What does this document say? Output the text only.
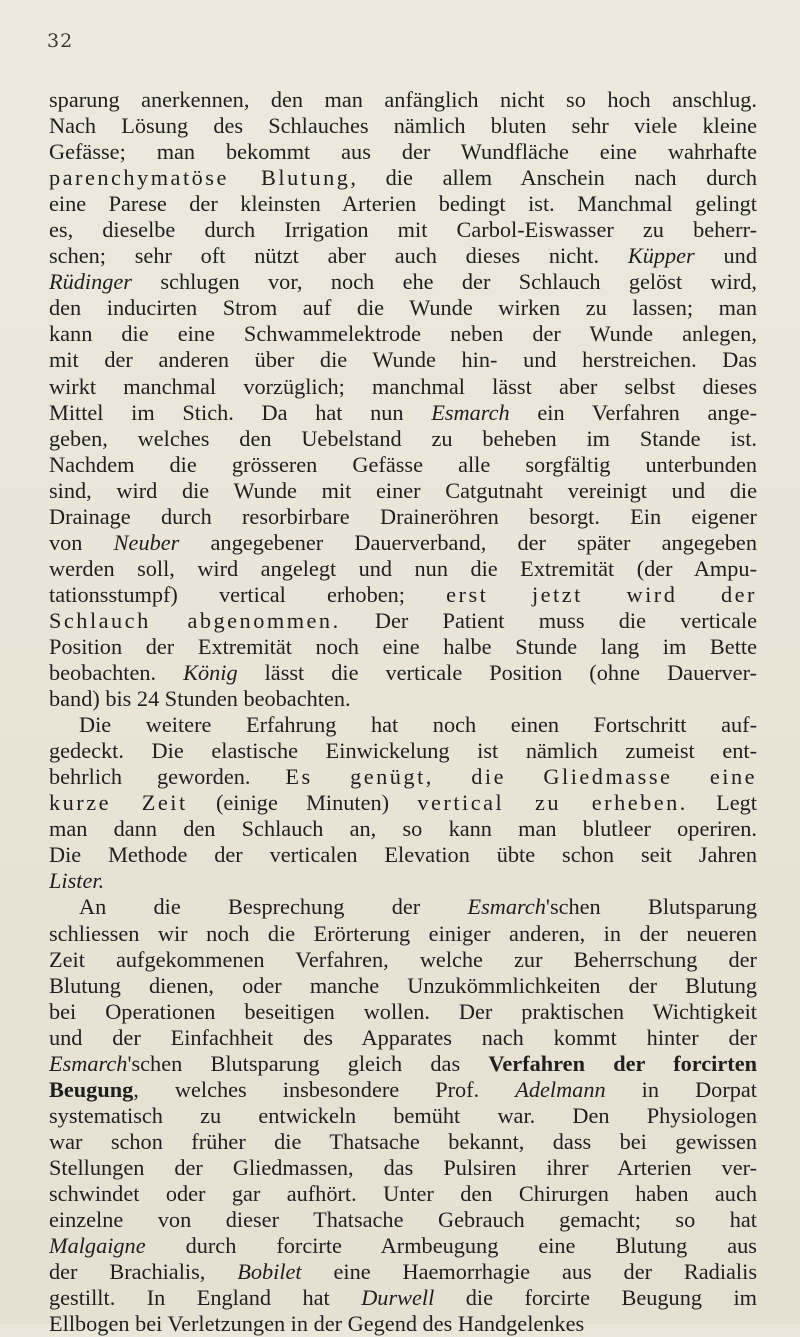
32
sparung anerkennen, den man anfänglich nicht so hoch anschlug.
Nach Lösung des Schlauches nämlich bluten sehr viele kleine
Gefässe; man bekommt aus der Wundfläche eine wahrhafte
parenchymatöse Blutung, die allem Anschein nach durch
eine Parese der kleinsten Arterien bedingt ist. Manchmal gelingt
es, dieselbe durch Irrigation mit Carbol-Eiswasser zu beherr-
schen; sehr oft nützt aber auch dieses nicht. Küpper und
Rüdinger schlugen vor, noch ehe der Schlauch gelöst wird,
den inducirten Strom auf die Wunde wirken zu lassen; man
kann die eine Schwammelektrode neben der Wunde anlegen,
mit der anderen über die Wunde hin- und herstreichen. Das
wirkt manchmal vorzüglich; manchmal lässt aber selbst dieses
Mittel im Stich. Da hat nun Esmarch ein Verfahren ange-
geben, welches den Uebelstand zu beheben im Stande ist.
Nachdem die grösseren Gefässe alle sorgfältig unterbunden
sind, wird die Wunde mit einer Catgutnaht vereinigt und die
Drainage durch resorbirbare Draineröhren besorgt. Ein eigener
von Neuber angegebener Dauerverband, der später angegeben
werden soll, wird angelegt und nun die Extremität (der Ampu-
tationsstumpf) vertical erhoben; erst jetzt wird der
Schlauch abgenommen. Der Patient muss die verticale
Position der Extremität noch eine halbe Stunde lang im Bette
beobachten. König lässt die verticale Position (ohne Dauerver-
band) bis 24 Stunden beobachten.
Die weitere Erfahrung hat noch einen Fortschritt auf-
gedeckt. Die elastische Einwickelung ist nämlich zumeist ent-
behrlich geworden. Es genügt, die Gliedmasse eine
kurze Zeit (einige Minuten) vertical zu erheben. Legt
man dann den Schlauch an, so kann man blutleer operiren.
Die Methode der verticalen Elevation übte schon seit Jahren
Lister.
An die Besprechung der Esmarch'schen Blutsparung
schliessen wir noch die Erörterung einiger anderen, in der neueren
Zeit aufgekommenen Verfahren, welche zur Beherrschung der
Blutung dienen, oder manche Unzukömmlichkeiten der Blutung
bei Operationen beseitigen wollen. Der praktischen Wichtigkeit
und der Einfachheit des Apparates nach kommt hinter der
Esmarch'schen Blutsparung gleich das Verfahren der forcirten
Beugung, welches insbesondere Prof. Adelmann in Dorpat
systematisch zu entwickeln bemüht war. Den Physiologen
war schon früher die Thatsache bekannt, dass bei gewissen
Stellungen der Gliedmassen, das Pulsiren ihrer Arterien ver-
schwindet oder gar aufhört. Unter den Chirurgen haben auch
einzelne von dieser Thatsache Gebrauch gemacht; so hat
Malgaigne durch forcirte Armbeugung eine Blutung aus
der Brachialis, Bobilet eine Haemorrhagie aus der Radialis
gestillt. In England hat Durwell die forcirte Beugung im
Ellbogen bei Verletzungen in der Gegend des Handgelenkes
